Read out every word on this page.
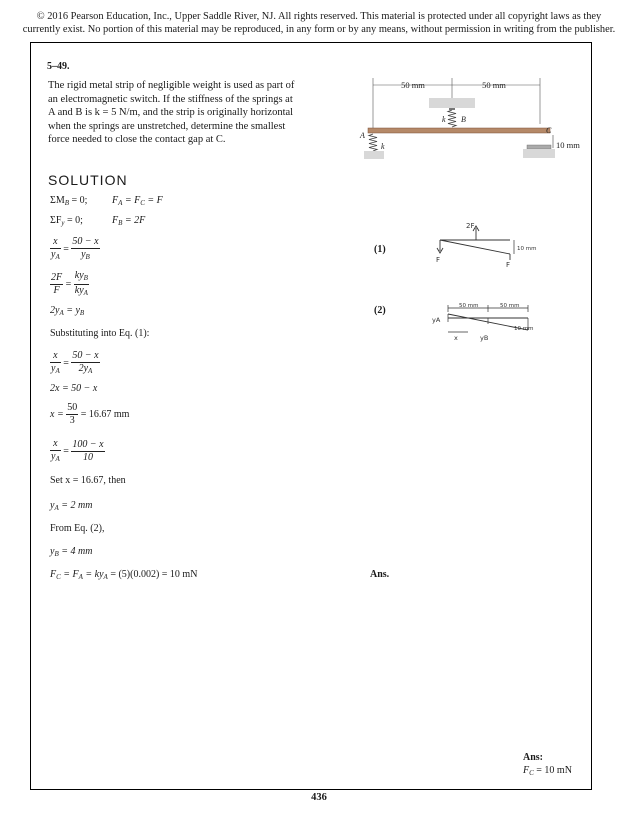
© 2016 Pearson Education, Inc., Upper Saddle River, NJ. All rights reserved. This material is protected under all copyright laws as they currently exist. No portion of this material may be reproduced, in any form or by any means, without permission in writing from the publisher.
5–49.
The rigid metal strip of negligible weight is used as part of an electromagnetic switch. If the stiffness of the springs at A and B is k = 5 N/m, and the strip is originally horizontal when the springs are unstretched, determine the smallest force needed to close the contact gap at C.
50 mm	50 mm
k B
A
k
C
10 mm
SOLUTION
$\Sigma M_B = 0$; $F_A = F_C = F$
$\Sigma F_y = 0$;	$F_B = 2F$
$\frac{x}{y_A} = \frac{50 - x}{y_B}$	(1)
2F
F
F
10 mm
$\frac{2F}{F} = \frac{ky_B}{ky_A}$
$2y_A = y_B$	(2)	50 mm	50 mm
yA
x	yB
10 mm
Substituting into Eq. (1):
$\frac{x}{y_A} = \frac{50 - x}{2y_A}$
2x = 50 − x
$x = \frac{50}{3} = 16.67$ mm
$\frac{x}{y_A} = \frac{100 - x}{10}$
Set x = 16.67, then
$y_A = 2$ mm
From Eq. (2),
$y_B = 4$ mm
$F_C = F_A = ky_A = (5)(0.002) = 10$ mN	Ans.
Ans:
$F_C = 10$ mN
436
